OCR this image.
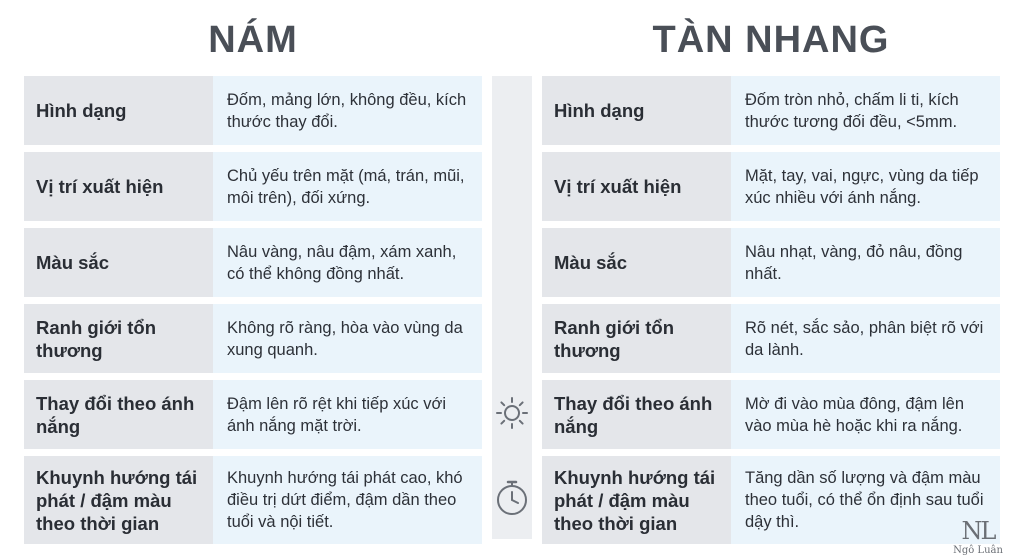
NÁM	TÀN NHANG
Hình dạng
Đốm, mảng lớn, không đều, kích thước thay đổi.
Vị trí xuất hiện
Chủ yếu trên mặt (má, trán, mũi, môi trên), đối xứng.
Màu sắc
Nâu vàng, nâu đậm, xám xanh, có thể không đồng nhất.
Ranh giới tổn thương
Không rõ ràng, hòa vào vùng da xung quanh.
Thay đổi theo ánh nắng
Đậm lên rõ rệt khi tiếp xúc với ánh nắng mặt trời.
Khuynh hướng tái phát / đậm màu theo thời gian
Khuynh hướng tái phát cao, khó điều trị dứt điểm, đậm dần theo tuổi và nội tiết.
Hình dạng
Đốm tròn nhỏ, chấm li ti, kích thước tương đối đều, <5mm.
Vị trí xuất hiện
Mặt, tay, vai, ngực, vùng da tiếp xúc nhiều với ánh nắng.
Màu sắc
Nâu nhạt, vàng, đỏ nâu, đồng nhất.
Ranh giới tổn thương
Rõ nét, sắc sảo, phân biệt rõ với da lành.
Thay đổi theo ánh nắng
Mờ đi vào mùa đông, đậm lên vào mùa hè hoặc khi ra nắng.
Khuynh hướng tái phát / đậm màu theo thời gian
Tăng dần số lượng và đậm màu theo tuổi, có thể ổn định sau tuổi dậy thì.	NL
Ngô Luân
